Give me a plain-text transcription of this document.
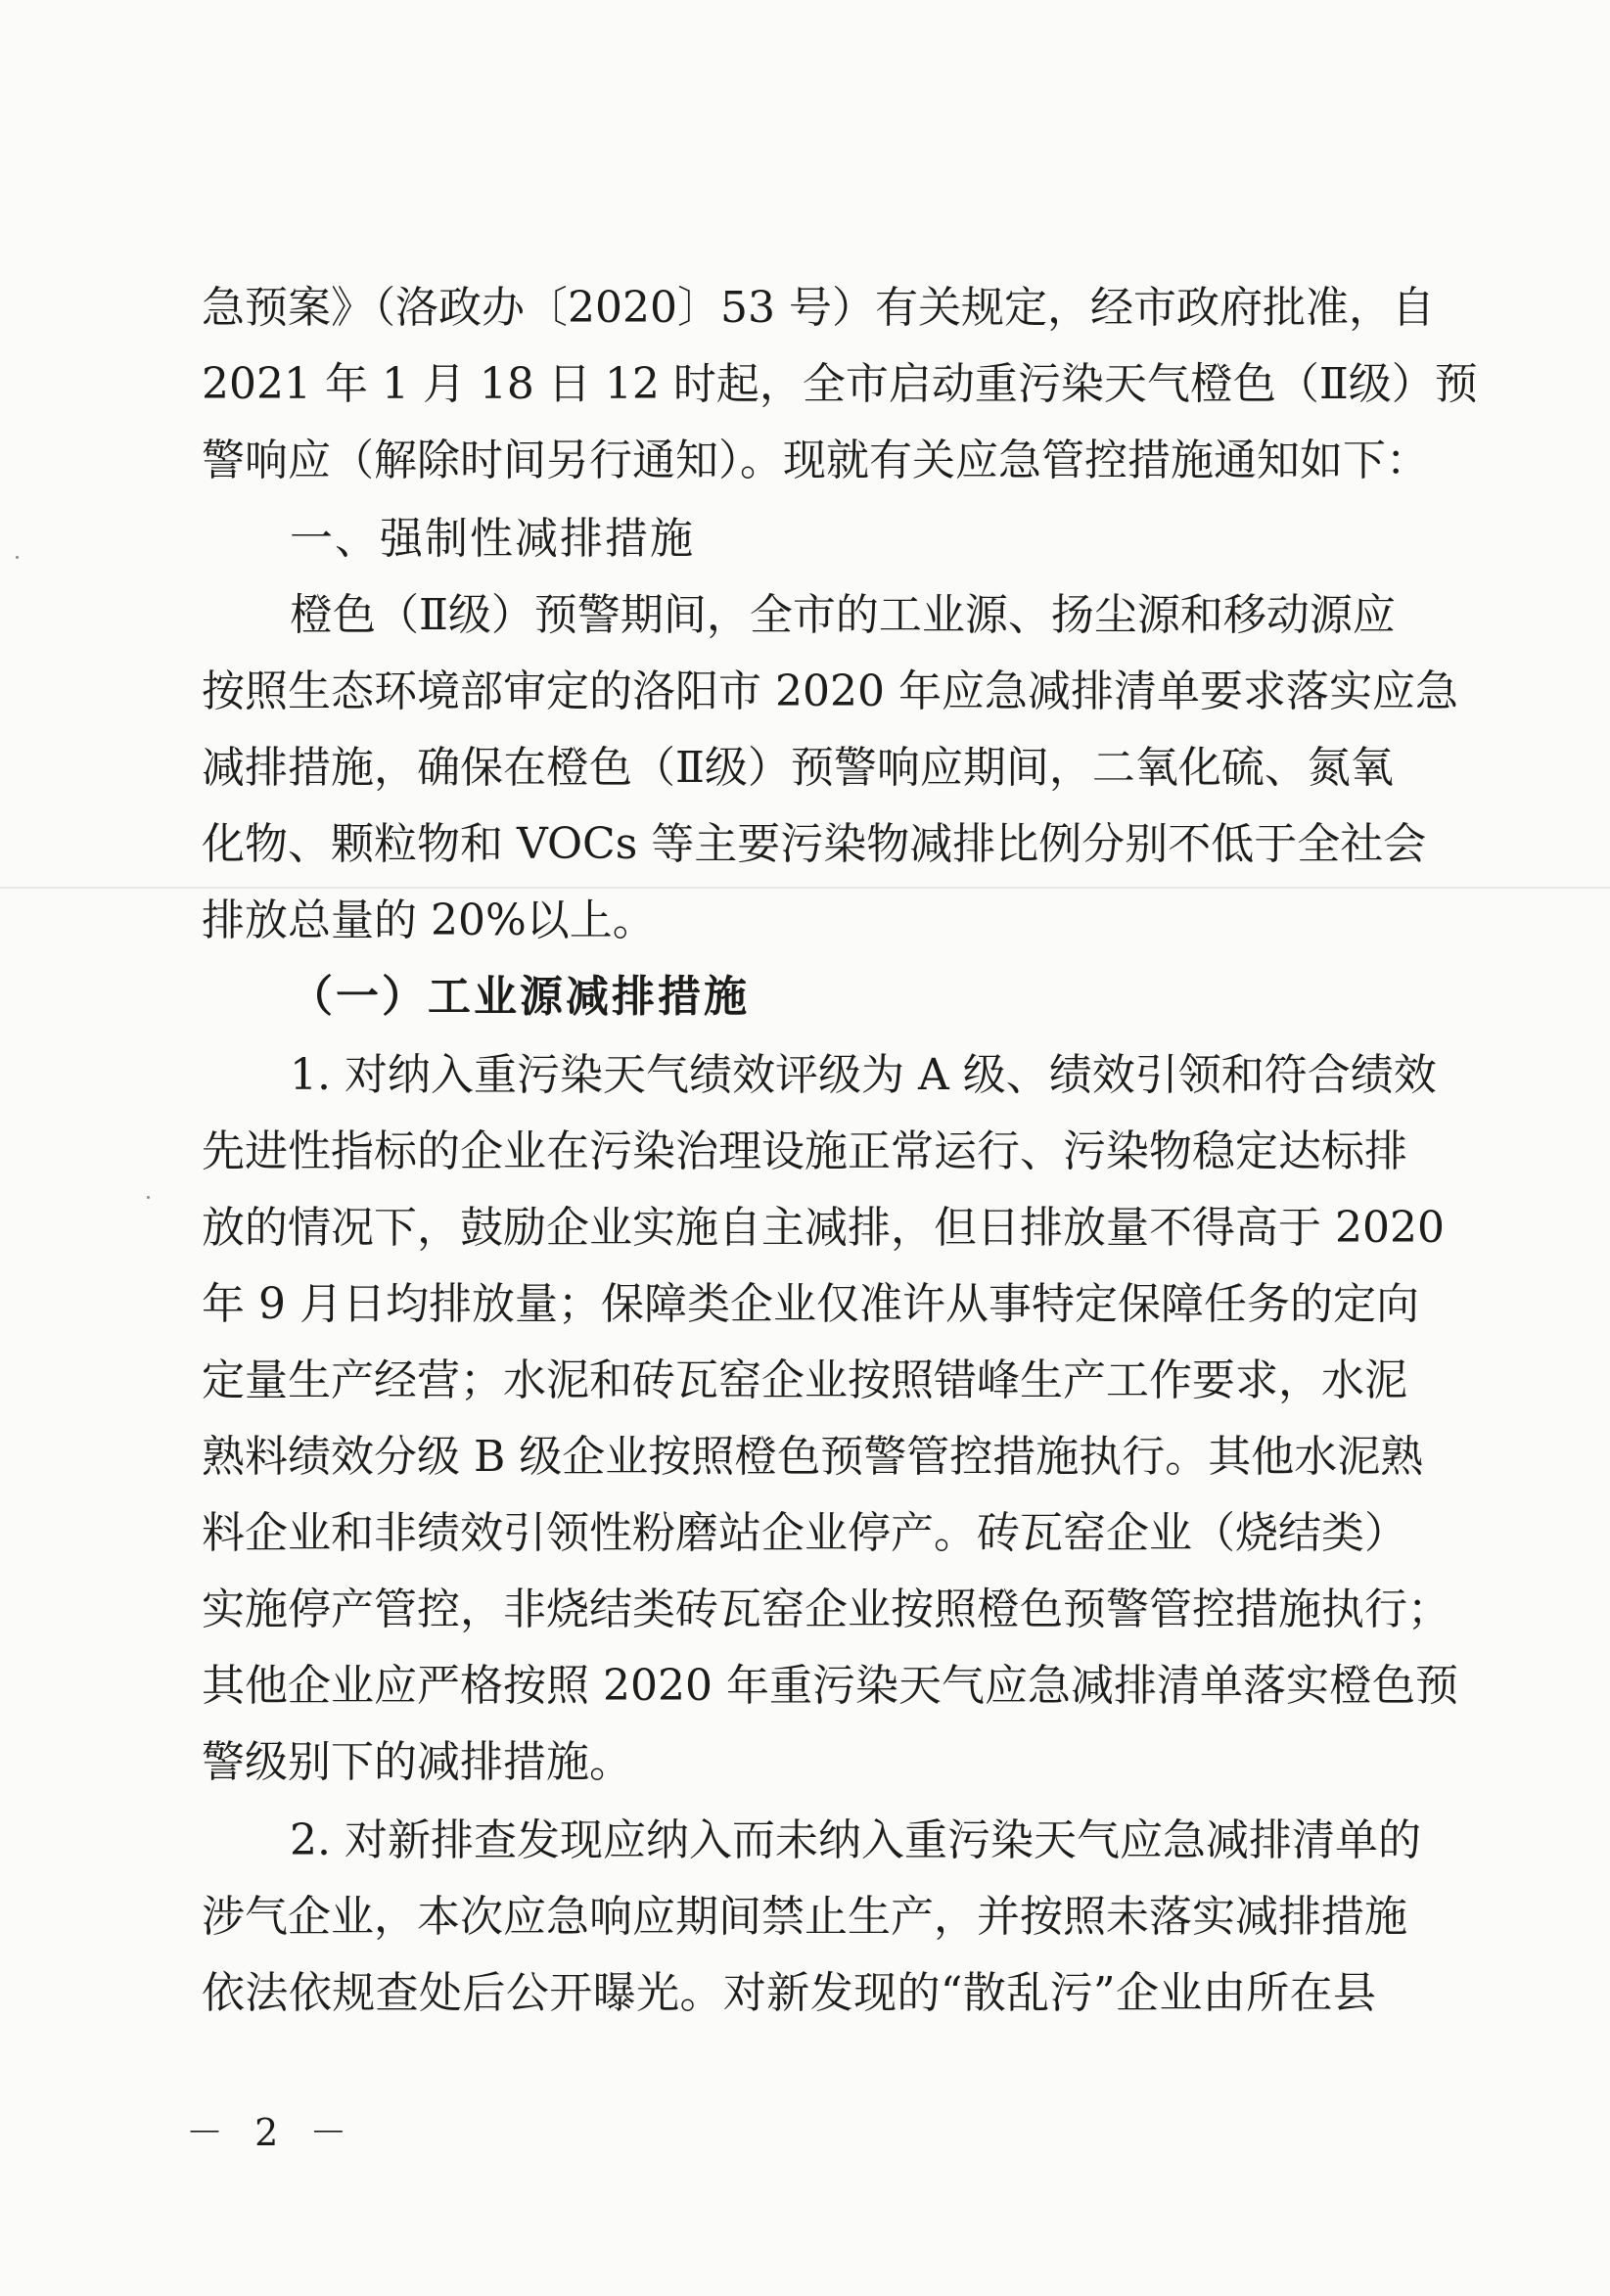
急预案》（洛政办〔2020〕53 号）有关规定，经市政府批准，自
2021 年 1 月 18 日 12 时起，全市启动重污染天气橙色（Ⅱ级）预
警响应（解除时间另行通知）。现就有关应急管控措施通知如下：
一、强制性减排措施
橙色（Ⅱ级）预警期间，全市的工业源、扬尘源和移动源应
按照生态环境部审定的洛阳市 2020 年应急减排清单要求落实应急
减排措施，确保在橙色（Ⅱ级）预警响应期间，二氧化硫、氮氧
化物、颗粒物和 VOCs 等主要污染物减排比例分别不低于全社会
排放总量的 20%以上。
（一）工业源减排措施
1. 对纳入重污染天气绩效评级为 A 级、绩效引领和符合绩效
先进性指标的企业在污染治理设施正常运行、污染物稳定达标排
放的情况下，鼓励企业实施自主减排，但日排放量不得高于 2020
年 9 月日均排放量；保障类企业仅准许从事特定保障任务的定向
定量生产经营；水泥和砖瓦窑企业按照错峰生产工作要求，水泥
熟料绩效分级 B 级企业按照橙色预警管控措施执行。其他水泥熟
料企业和非绩效引领性粉磨站企业停产。砖瓦窑企业（烧结类）
实施停产管控，非烧结类砖瓦窑企业按照橙色预警管控措施执行；
其他企业应严格按照 2020 年重污染天气应急减排清单落实橙色预
警级别下的减排措施。
2. 对新排查发现应纳入而未纳入重污染天气应急减排清单的
涉气企业，本次应急响应期间禁止生产，并按照未落实减排措施
依法依规查处后公开曝光。对新发现的“散乱污”企业由所在县
－ 2 －
